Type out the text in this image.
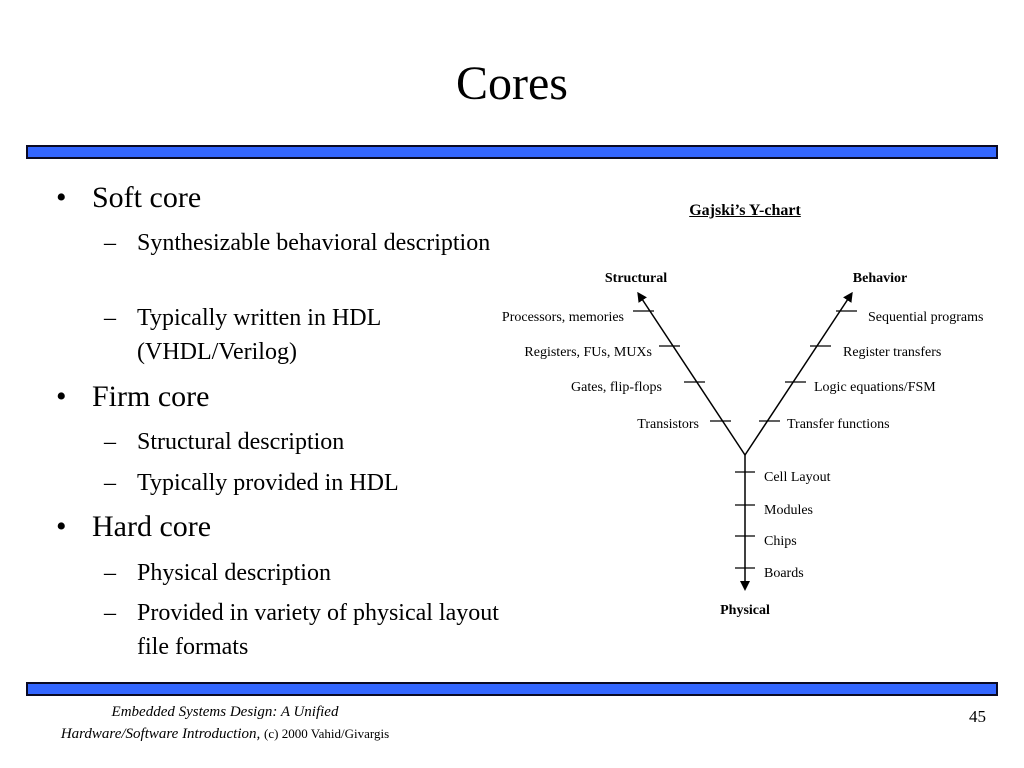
Cores
• Soft core
– Synthesizable behavioral description
– Typically written in HDL (VHDL/Verilog)
• Firm core
– Structural description
– Typically provided in HDL
• Hard core
– Physical description
– Provided in variety of physical layout file formats
Gajski’s Y-chart
Structural	Behavior
Physical
Processors, memories
Registers, FUs, MUXs
Gates, flip-flops
Transistors
Sequential programs
Register transfers
Logic equations/FSM
Transfer functions
Cell Layout
Modules
Chips
Boards
Embedded Systems Design: A Unified
Hardware/Software Introduction, (c) 2000 Vahid/Givargis
45
